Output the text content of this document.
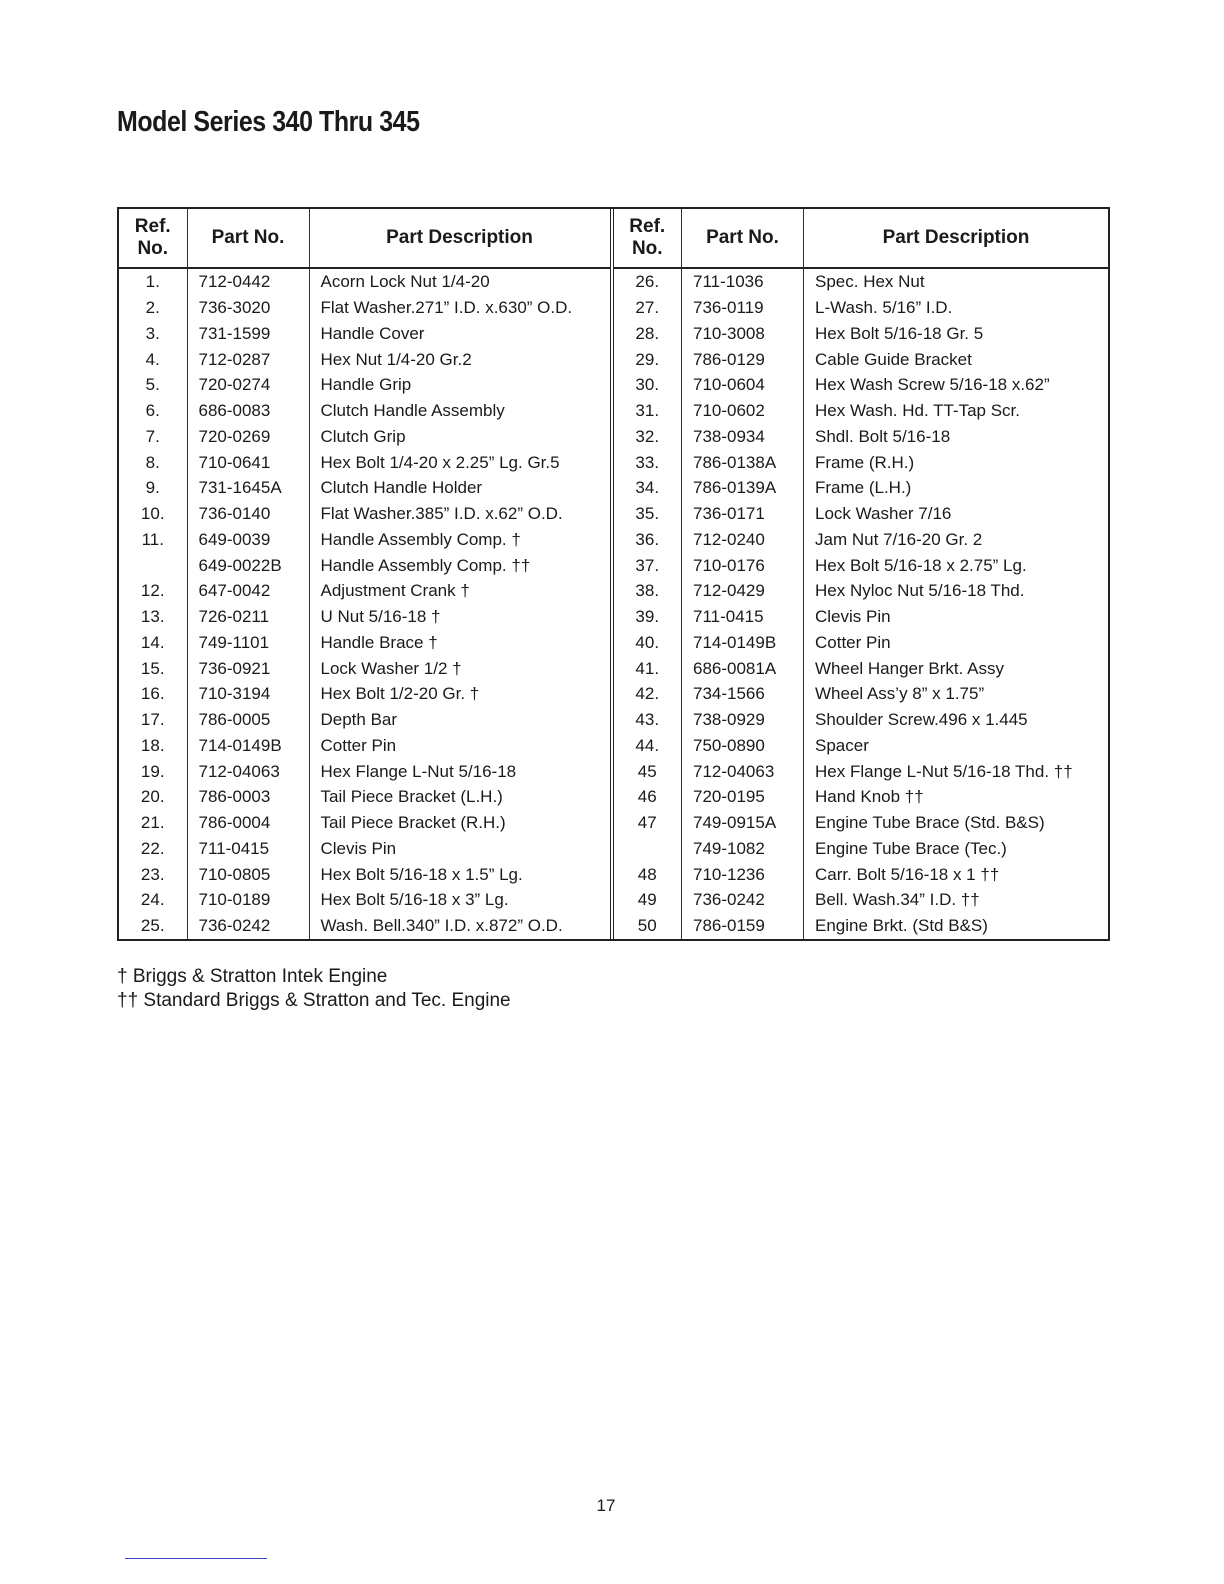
Model Series 340 Thru 345
Ref.
No.	Part No.	Part Description
1.	712-0442	Acorn Lock Nut 1/4-20
2.	736-3020	Flat Washer.271” I.D. x.630” O.D.
3.	731-1599	Handle Cover
4.	712-0287	Hex Nut 1/4-20 Gr.2
5.	720-0274	Handle Grip
6.	686-0083	Clutch Handle Assembly
7.	720-0269	Clutch Grip
8.	710-0641	Hex Bolt 1/4-20 x 2.25” Lg. Gr.5
9.	731-1645A	Clutch Handle Holder
10.	736-0140	Flat Washer.385” I.D. x.62” O.D.
11.	649-0039	Handle Assembly Comp. †
	649-0022B	Handle Assembly Comp. ††
12.	647-0042	Adjustment Crank †
13.	726-0211	U Nut 5/16-18 †
14.	749-1101	Handle Brace †
15.	736-0921	Lock Washer 1/2 †
16.	710-3194	Hex Bolt 1/2-20 Gr. †
17.	786-0005	Depth Bar
18.	714-0149B	Cotter Pin
19.	712-04063	Hex Flange L-Nut 5/16-18
20.	786-0003	Tail Piece Bracket (L.H.)
21.	786-0004	Tail Piece Bracket (R.H.)
22.	711-0415	Clevis Pin
23.	710-0805	Hex Bolt 5/16-18 x 1.5” Lg.
24.	710-0189	Hex Bolt 5/16-18 x 3” Lg.
25.	736-0242	Wash. Bell.340” I.D. x.872” O.D.
Ref.
No.	Part No.	Part Description
26.	711-1036	Spec. Hex Nut
27.	736-0119	L-Wash. 5/16” I.D.
28.	710-3008	Hex Bolt 5/16-18 Gr. 5
29.	786-0129	Cable Guide Bracket
30.	710-0604	Hex Wash Screw 5/16-18 x.62”
31.	710-0602	Hex Wash. Hd. TT-Tap Scr.
32.	738-0934	Shdl. Bolt 5/16-18
33.	786-0138A	Frame (R.H.)
34.	786-0139A	Frame (L.H.)
35.	736-0171	Lock Washer 7/16
36.	712-0240	Jam Nut 7/16-20 Gr. 2
37.	710-0176	Hex Bolt 5/16-18 x 2.75” Lg.
38.	712-0429	Hex Nyloc Nut 5/16-18 Thd.
39.	711-0415	Clevis Pin
40.	714-0149B	Cotter Pin
41.	686-0081A	Wheel Hanger Brkt. Assy
42.	734-1566	Wheel Ass’y 8” x 1.75”
43.	738-0929	Shoulder Screw.496 x 1.445
44.	750-0890	Spacer
45	712-04063	Hex Flange L-Nut 5/16-18 Thd. ††
46	720-0195	Hand Knob ††
47	749-0915A	Engine Tube Brace (Std. B&S)
	749-1082	Engine Tube Brace (Tec.)
48	710-1236	Carr. Bolt 5/16-18 x 1 ††
49	736-0242	Bell. Wash.34” I.D. ††
50	786-0159	Engine Brkt. (Std B&S)
† Briggs & Stratton Intek Engine
†† Standard Briggs & Stratton and Tec. Engine
17
